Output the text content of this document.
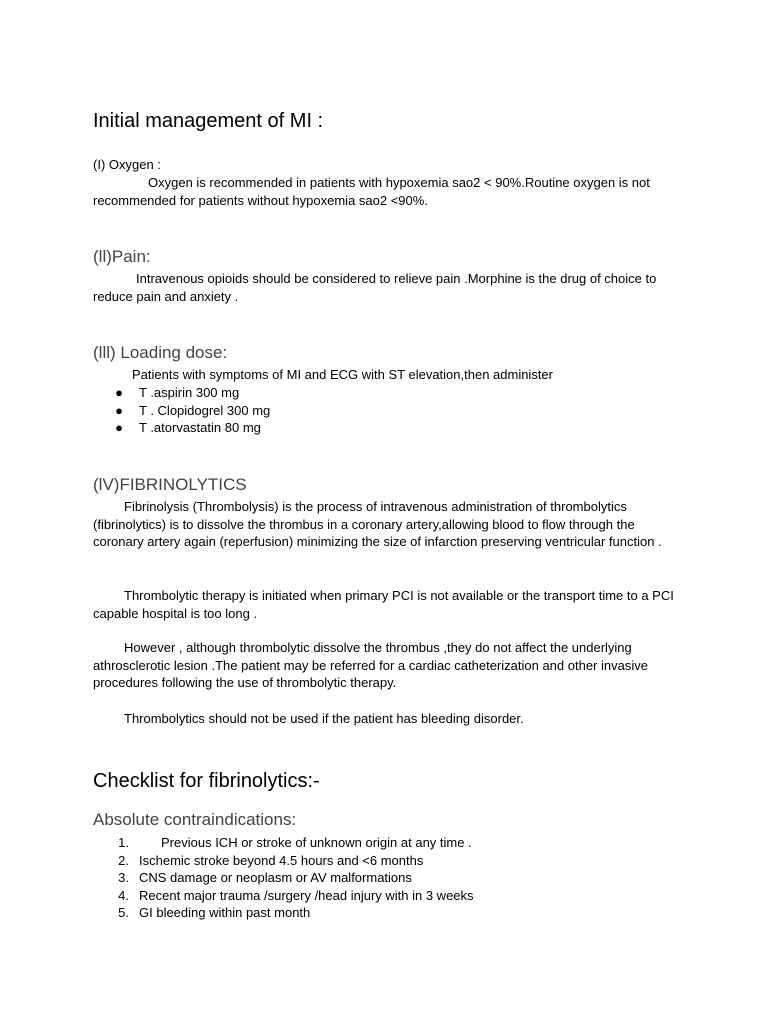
Initial management of MI :
(I) Oxygen :

Oxygen is recommended in patients with hypoxemia sao2 < 90%.Routine oxygen is not recommended for patients without hypoxemia sao2 <90%.

(ll)Pain:

Intravenous opioids should be considered to relieve pain .Morphine is the drug of choice to reduce pain and anxiety .

(lll) Loading dose:
Patients with symptoms of MI and ECG with ST elevation,then administer
● T .aspirin 300 mg
● T . Clopidogrel 300 mg
● T .atorvastatin 80 mg
(lV)FIBRINOLYTICS

Fibrinolysis (Thrombolysis) is the process of intravenous administration of thrombolytics (fibrinolytics) is to dissolve the thrombus in a coronary artery,allowing blood to flow through the coronary artery again (reperfusion) minimizing the size of infarction preserving ventricular function .

Thrombolytic therapy is initiated when primary PCI is not available or the transport time to a PCI capable hospital is too long .

However , although thrombolytic dissolve the thrombus ,they do not affect the underlying athrosclerotic lesion .The patient may be referred for a cardiac catheterization and other invasive procedures following the use of thrombolytic therapy.

Thrombolytics should not be used if the patient has bleeding disorder.

Checklist for fibrinolytics:-
Absolute contraindications:
1. Previous ICH or stroke of unknown origin at any time .
2. Ischemic stroke beyond 4.5 hours and <6 months
3. CNS damage or neoplasm or AV malformations
4. Recent major trauma /surgery /head injury with in 3 weeks
5. GI bleeding within past month
